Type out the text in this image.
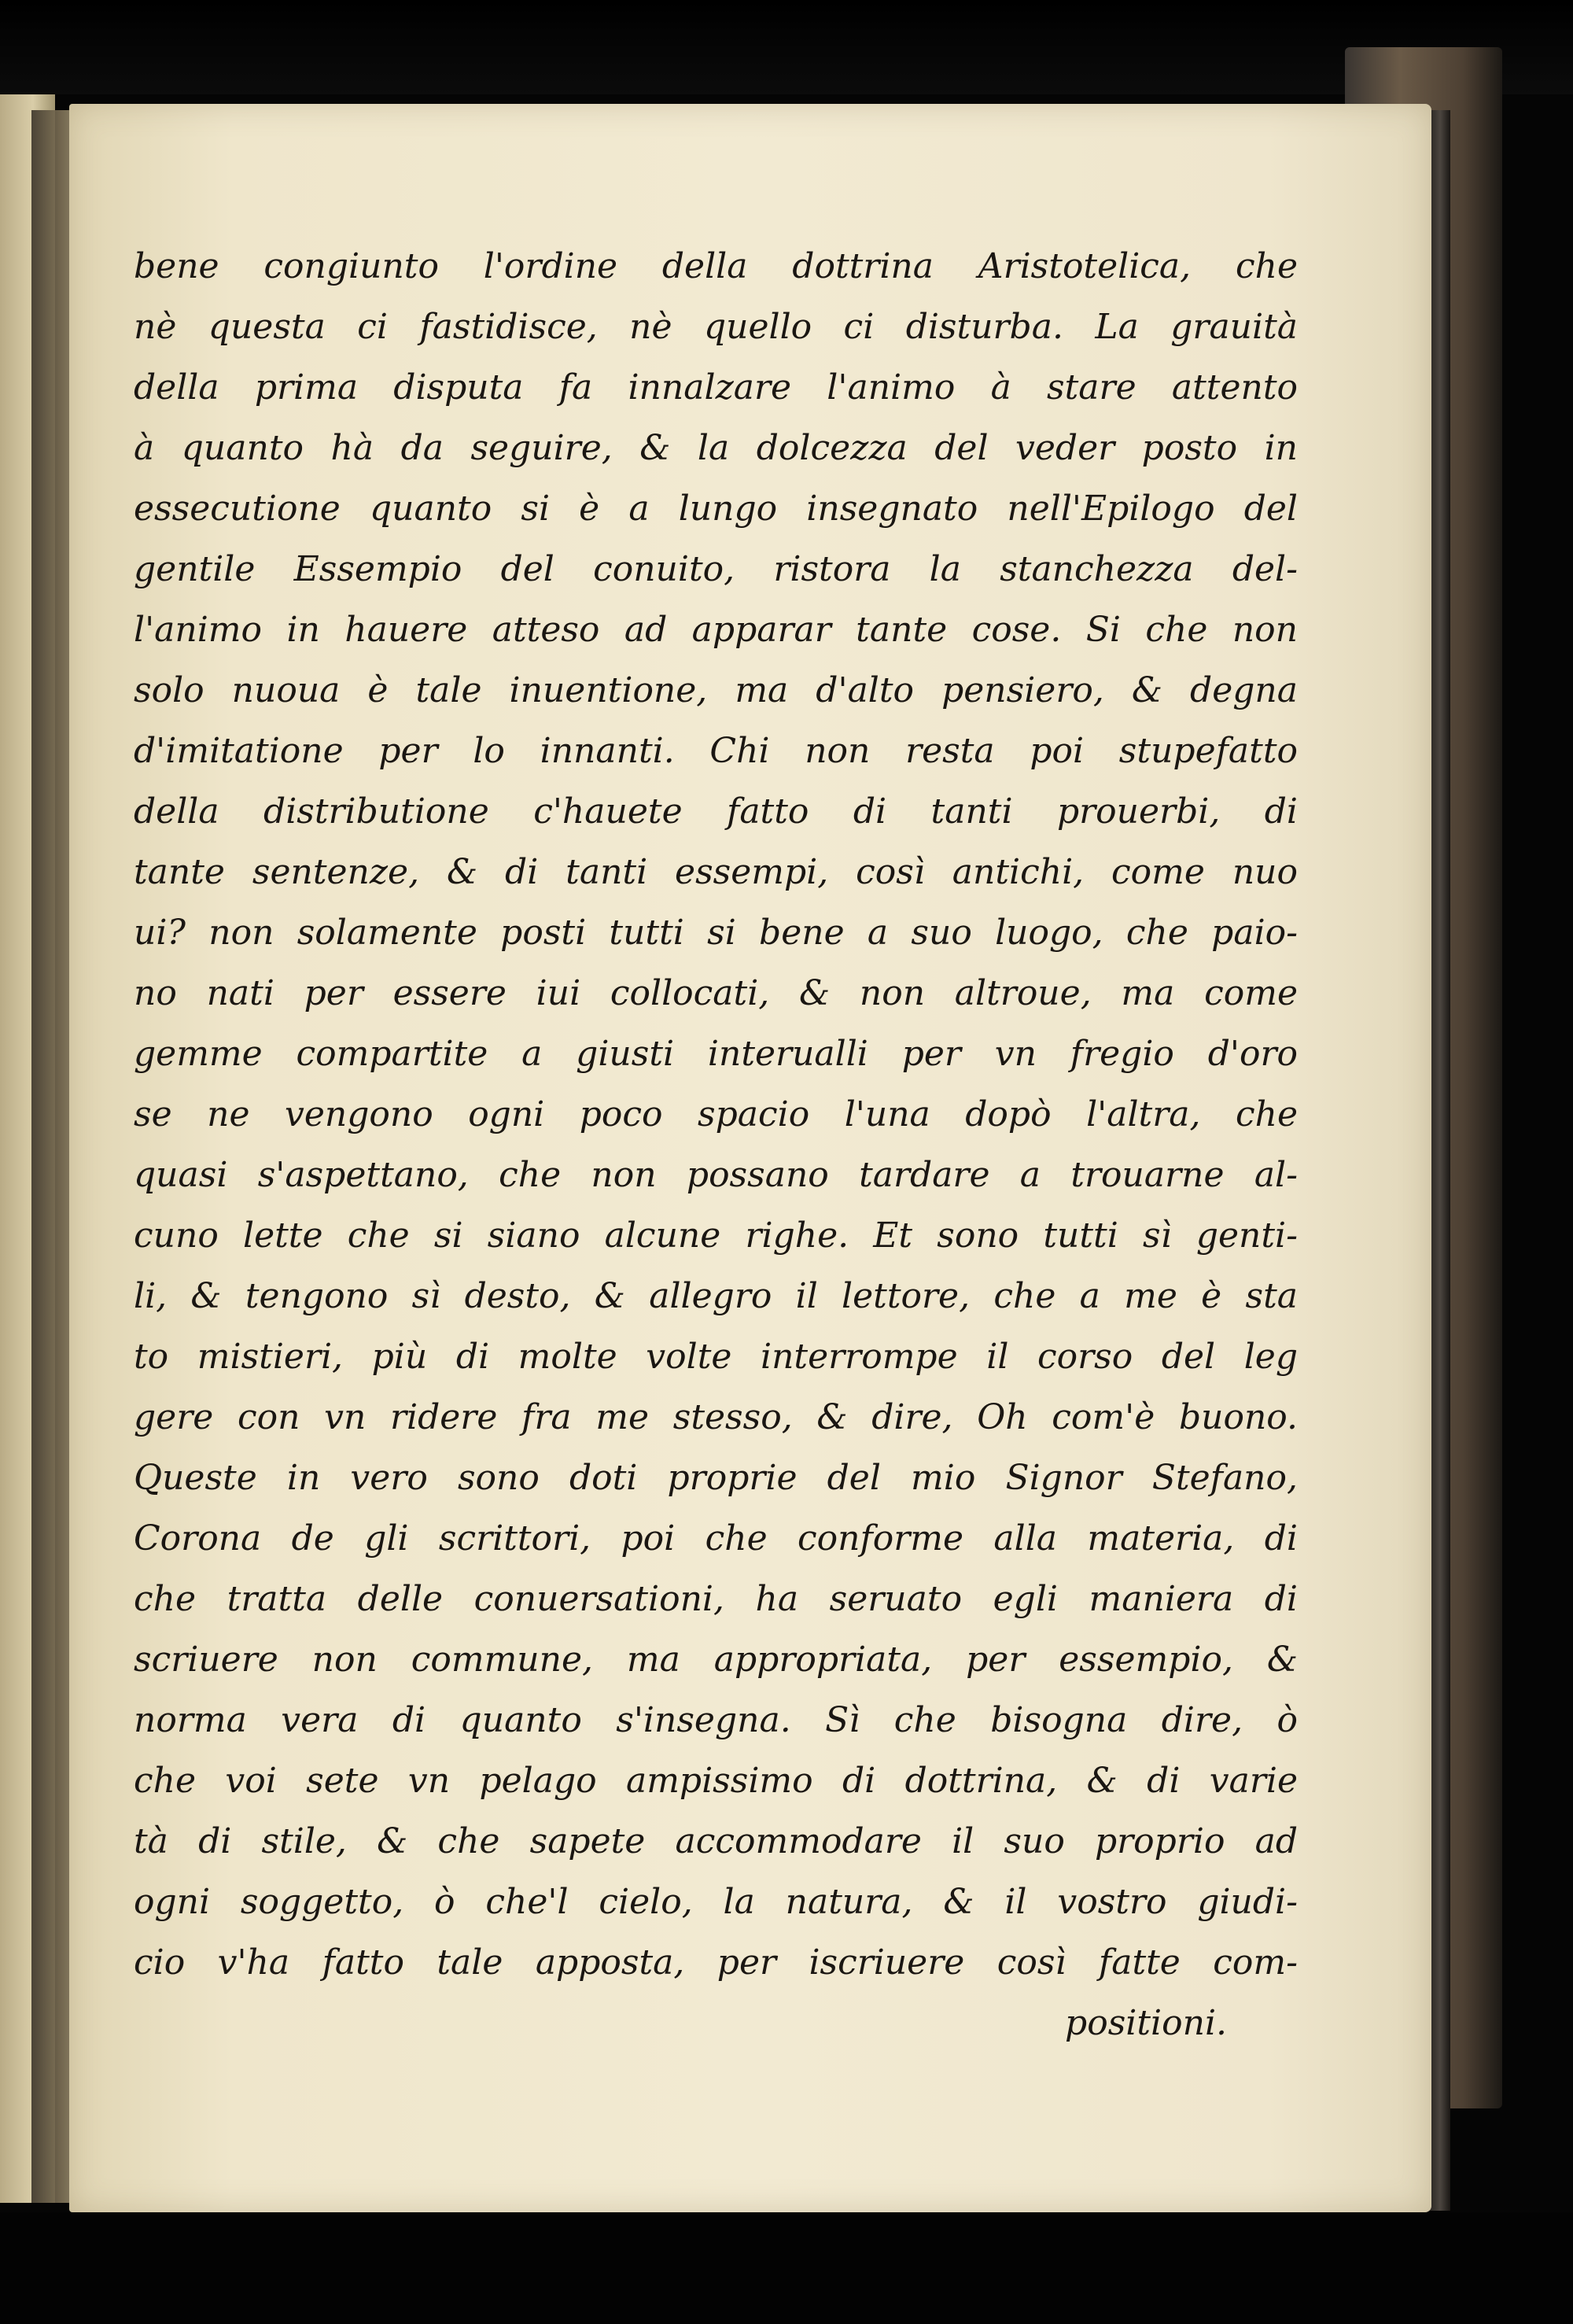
bene congiunto l'ordine della dottrina Aristotelica, che
nè questa ci fastidisce, nè quello ci disturba. La grauità
della prima disputa fa innalzare l'animo à stare attento
à quanto hà da seguire, & la dolcezza del veder posto in
essecutione quanto si è a lungo insegnato nell'Epilogo del
gentile Essempio del conuito, ristora la stanchezza del-
l'animo in hauere atteso ad apparar tante cose. Si che non
solo nuoua è tale inuentione, ma d'alto pensiero, & degna
d'imitatione per lo innanti. Chi non resta poi stupefatto
della distributione c'hauete fatto di tanti prouerbi, di
tante sentenze, & di tanti essempi, così antichi, come nuo
ui? non solamente posti tutti si bene a suo luogo, che paio-
no nati per essere iui collocati, & non altroue, ma come
gemme compartite a giusti interualli per vn fregio d'oro
se ne vengono ogni poco spacio l'una dopò l'altra, che
quasi s'aspettano, che non possano tardare a trouarne al-
cuno lette che si siano alcune righe. Et sono tutti sì genti-
li, & tengono sì desto, & allegro il lettore, che a me è sta
to mistieri, più di molte volte interrompe il corso del leg
gere con vn ridere fra me stesso, & dire, Oh com'è buono.
Queste in vero sono doti proprie del mio Signor Stefano,
Corona de gli scrittori, poi che conforme alla materia, di
che tratta delle conuersationi, ha seruato egli maniera di
scriuere non commune, ma appropriata, per essempio, &
norma vera di quanto s'insegna. Sì che bisogna dire, ò
che voi sete vn pelago ampissimo di dottrina, & di varie
tà di stile, & che sapete accommodare il suo proprio ad
ogni soggetto, ò che'l cielo, la natura, & il vostro giudi-
cio v'ha fatto tale apposta, per iscriuere così fatte com-
positioni.
